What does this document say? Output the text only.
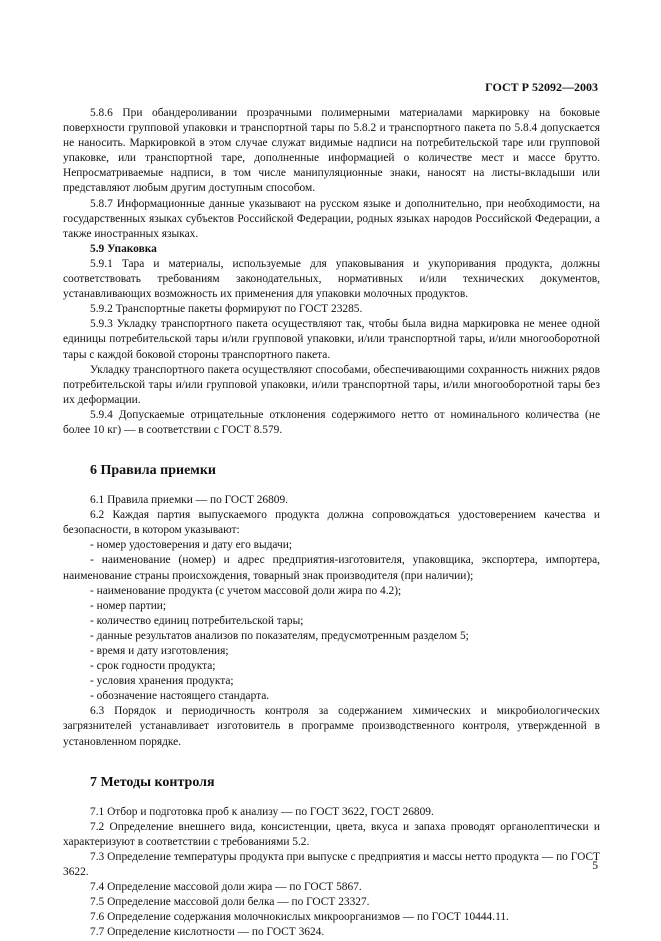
ГОСТ Р 52092—2003

5.8.6 При обандероливании прозрачными полимерными материалами маркировку на боковые поверхности групповой упаковки и транспортной тары по 5.8.2 и транспортного пакета по 5.8.4 допускается не наносить. Маркировкой в этом случае служат видимые надписи на потребительской таре или групповой упаковке, или транспортной таре, дополненные информацией о количестве мест и массе брутто. Непросматриваемые надписи, в том числе манипуляционные знаки, наносят на листы-вкладыши или представляют любым другим доступным способом.

5.8.7 Информационные данные указывают на русском языке и дополнительно, при необходимости, на государственных языках субъектов Российской Федерации, родных языках народов Российской Федерации, а также иностранных языках.

5.9 Упаковка

5.9.1 Тара и материалы, используемые для упаковывания и укупоривания продукта, должны соответствовать требованиям законодательных, нормативных и/или технических документов, устанавливающих возможность их применения для упаковки молочных продуктов.

5.9.2 Транспортные пакеты формируют по ГОСТ 23285.

5.9.3 Укладку транспортного пакета осуществляют так, чтобы была видна маркировка не менее одной единицы потребительской тары и/или групповой упаковки, и/или транспортной тары, и/или многооборотной тары с каждой боковой стороны транспортного пакета.

Укладку транспортного пакета осуществляют способами, обеспечивающими сохранность нижних рядов потребительской тары и/или групповой упаковки, и/или транспортной тары, и/или многооборотной тары без их деформации.

5.9.4 Допускаемые отрицательные отклонения содержимого нетто от номинального количества (не более 10 кг) — в соответствии с ГОСТ 8.579.

6 Правила приемки

6.1 Правила приемки — по ГОСТ 26809.

6.2 Каждая партия выпускаемого продукта должна сопровождаться удостоверением качества и безопасности, в котором указывают:

- номер удостоверения и дату его выдачи;
- наименование (номер) и адрес предприятия-изготовителя, упаковщика, экспортера, импортера, наименование страны происхождения, товарный знак производителя (при наличии);
- наименование продукта (с учетом массовой доли жира по 4.2);
- номер партии;
- количество единиц потребительской тары;
- данные результатов анализов по показателям, предусмотренным разделом 5;
- время и дату изготовления;
- срок годности продукта;
- условия хранения продукта;
- обозначение настоящего стандарта.

6.3 Порядок и периодичность контроля за содержанием химических и микробиологических загрязнителей устанавливает изготовитель в программе производственного контроля, утвержденной в установленном порядке.

7 Методы контроля

7.1 Отбор и подготовка проб к анализу — по ГОСТ 3622, ГОСТ 26809.

7.2 Определение внешнего вида, консистенции, цвета, вкуса и запаха проводят органолептически и характеризуют в соответствии с требованиями 5.2.

7.3 Определение температуры продукта при выпуске с предприятия и массы нетто продукта — по ГОСТ 3622.

7.4 Определение массовой доли жира — по ГОСТ 5867.

7.5 Определение массовой доли белка — по ГОСТ 23327.

7.6 Определение содержания молочнокислых микроорганизмов — по ГОСТ 10444.11.

7.7 Определение кислотности — по ГОСТ 3624.

5
